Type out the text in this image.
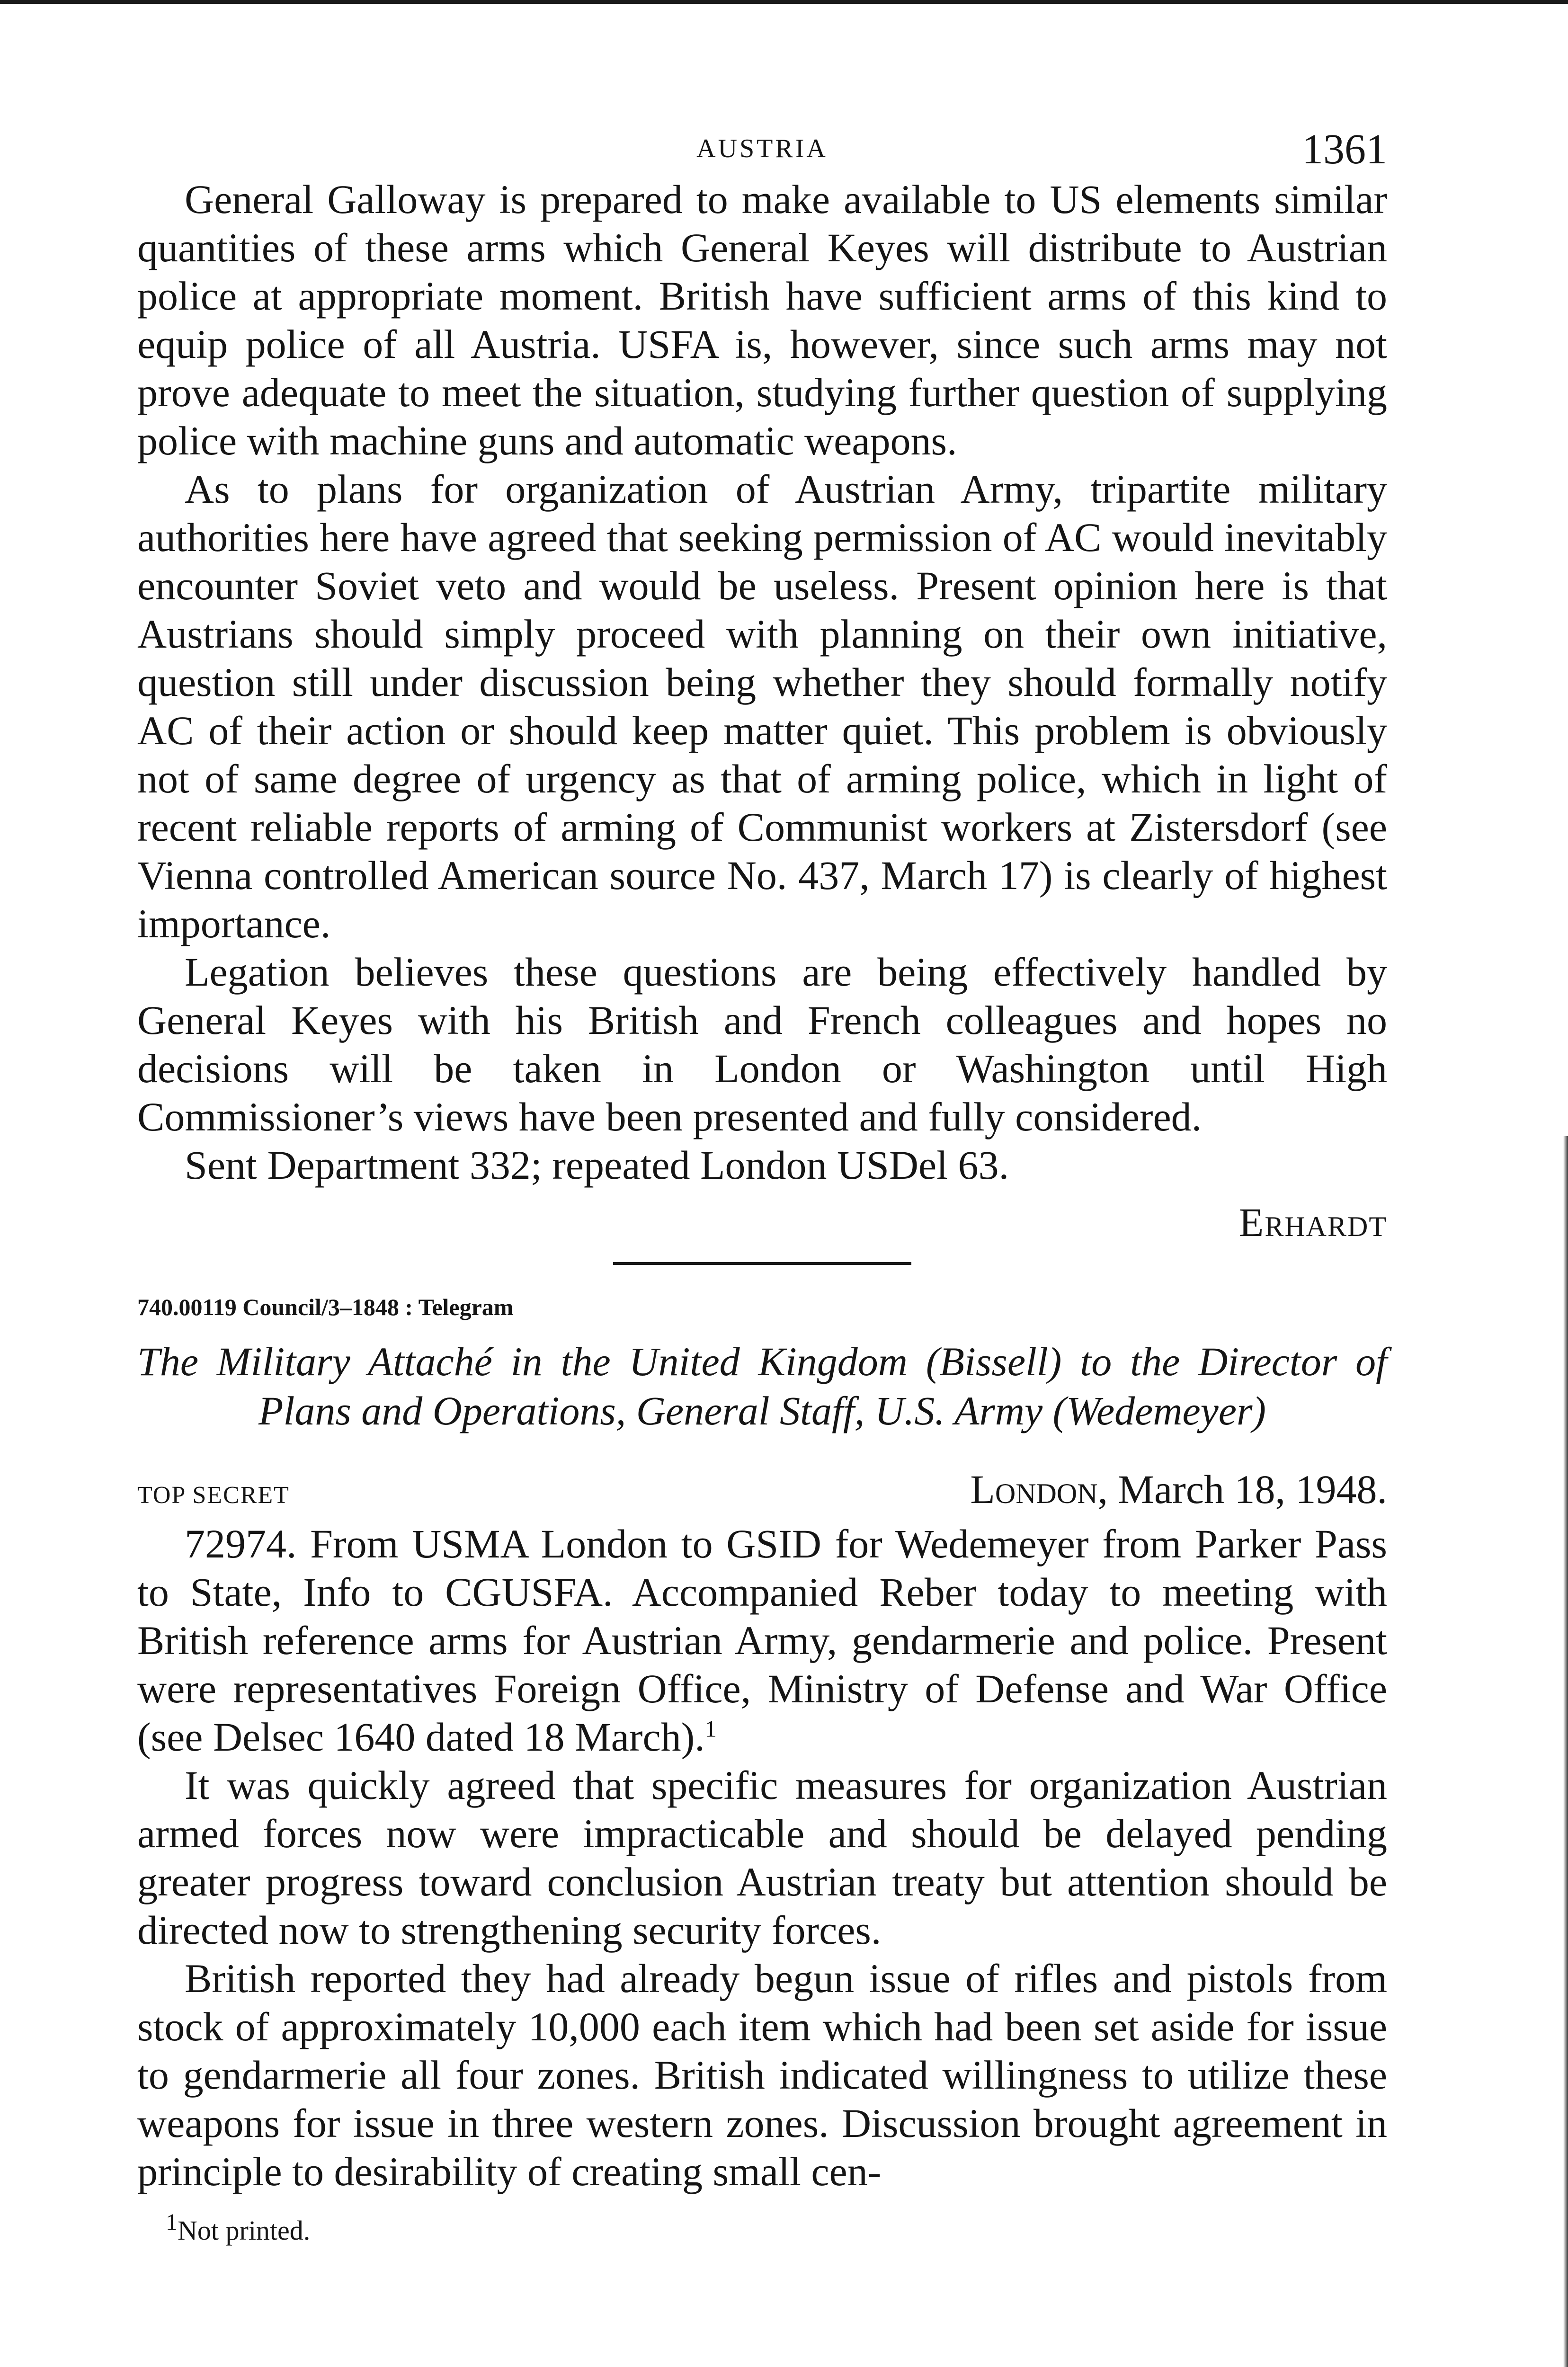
AUSTRIA	1361

General Galloway is prepared to make available to US elements similar quantities of these arms which General Keyes will distribute to Austrian police at appropriate moment. British have sufficient arms of this kind to equip police of all Austria. USFA is, however, since such arms may not prove adequate to meet the situation, studying further question of supplying police with machine guns and automatic weapons.

As to plans for organization of Austrian Army, tripartite military authorities here have agreed that seeking permission of AC would inevitably encounter Soviet veto and would be useless. Present opinion here is that Austrians should simply proceed with planning on their own initiative, question still under discussion being whether they should formally notify AC of their action or should keep matter quiet. This problem is obviously not of same degree of urgency as that of arming police, which in light of recent reliable reports of arming of Communist workers at Zistersdorf (see Vienna controlled American source No. 437, March 17) is clearly of highest importance.

Legation believes these questions are being effectively handled by General Keyes with his British and French colleagues and hopes no decisions will be taken in London or Washington until High Commissioner’s views have been presented and fully considered.

Sent Department 332; repeated London USDel 63.

Erhardt

740.00119 Council/3–1848 : Telegram

The Military Attaché in the United Kingdom (Bissell) to the Director of Plans and Operations, General Staff, U.S. Army (Wedemeyer)

TOP SECRET	London, March 18, 1948.

72974. From USMA London to GSID for Wedemeyer from Parker Pass to State, Info to CGUSFA. Accompanied Reber today to meeting with British reference arms for Austrian Army, gendarmerie and police. Present were representatives Foreign Office, Ministry of Defense and War Office (see Delsec 1640 dated 18 March).$^1$

It was quickly agreed that specific measures for organization Austrian armed forces now were impracticable and should be delayed pending greater progress toward conclusion Austrian treaty but attention should be directed now to strengthening security forces.

British reported they had already begun issue of rifles and pistols from stock of approximately 10,000 each item which had been set aside for issue to gendarmerie all four zones. British indicated willingness to utilize these weapons for issue in three western zones. Discussion brought agreement in principle to desirability of creating small cen-

$^1$Not printed.
